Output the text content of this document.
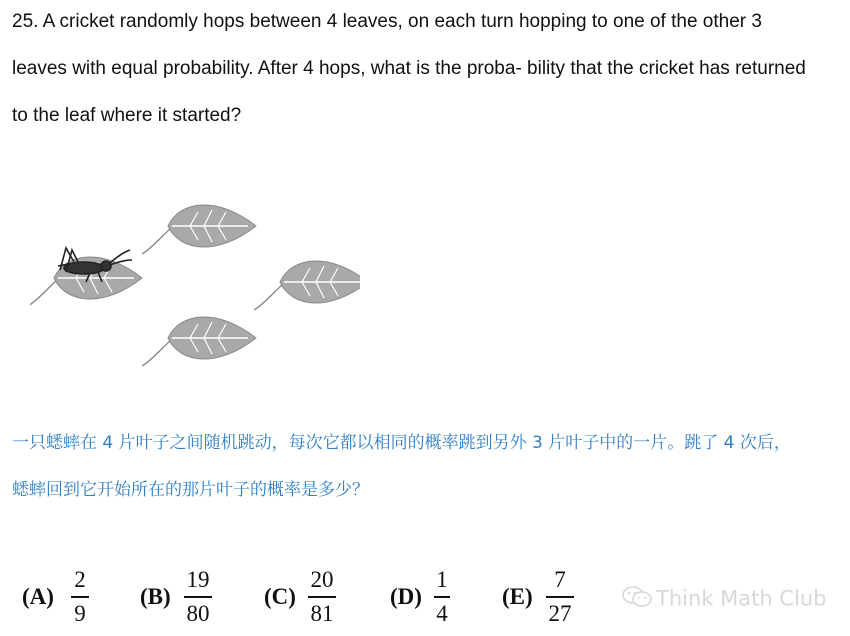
25. A cricket randomly hops between 4 leaves, on each turn hopping to one of the other 3
leaves with equal probability. After 4 hops, what is the proba- bility that the cricket has returned
to the leaf where it started?
一只蟋蟀在 4 片叶子之间随机跳动，每次它都以相同的概率跳到另外 3 片叶子中的一片。跳了 4 次后，
蟋蟀回到它开始所在的那片叶子的概率是多少？
(A)
2
9
(B)
19
80
(C)
20
81
(D)
1
4
(E)
7
27
Think Math Club
